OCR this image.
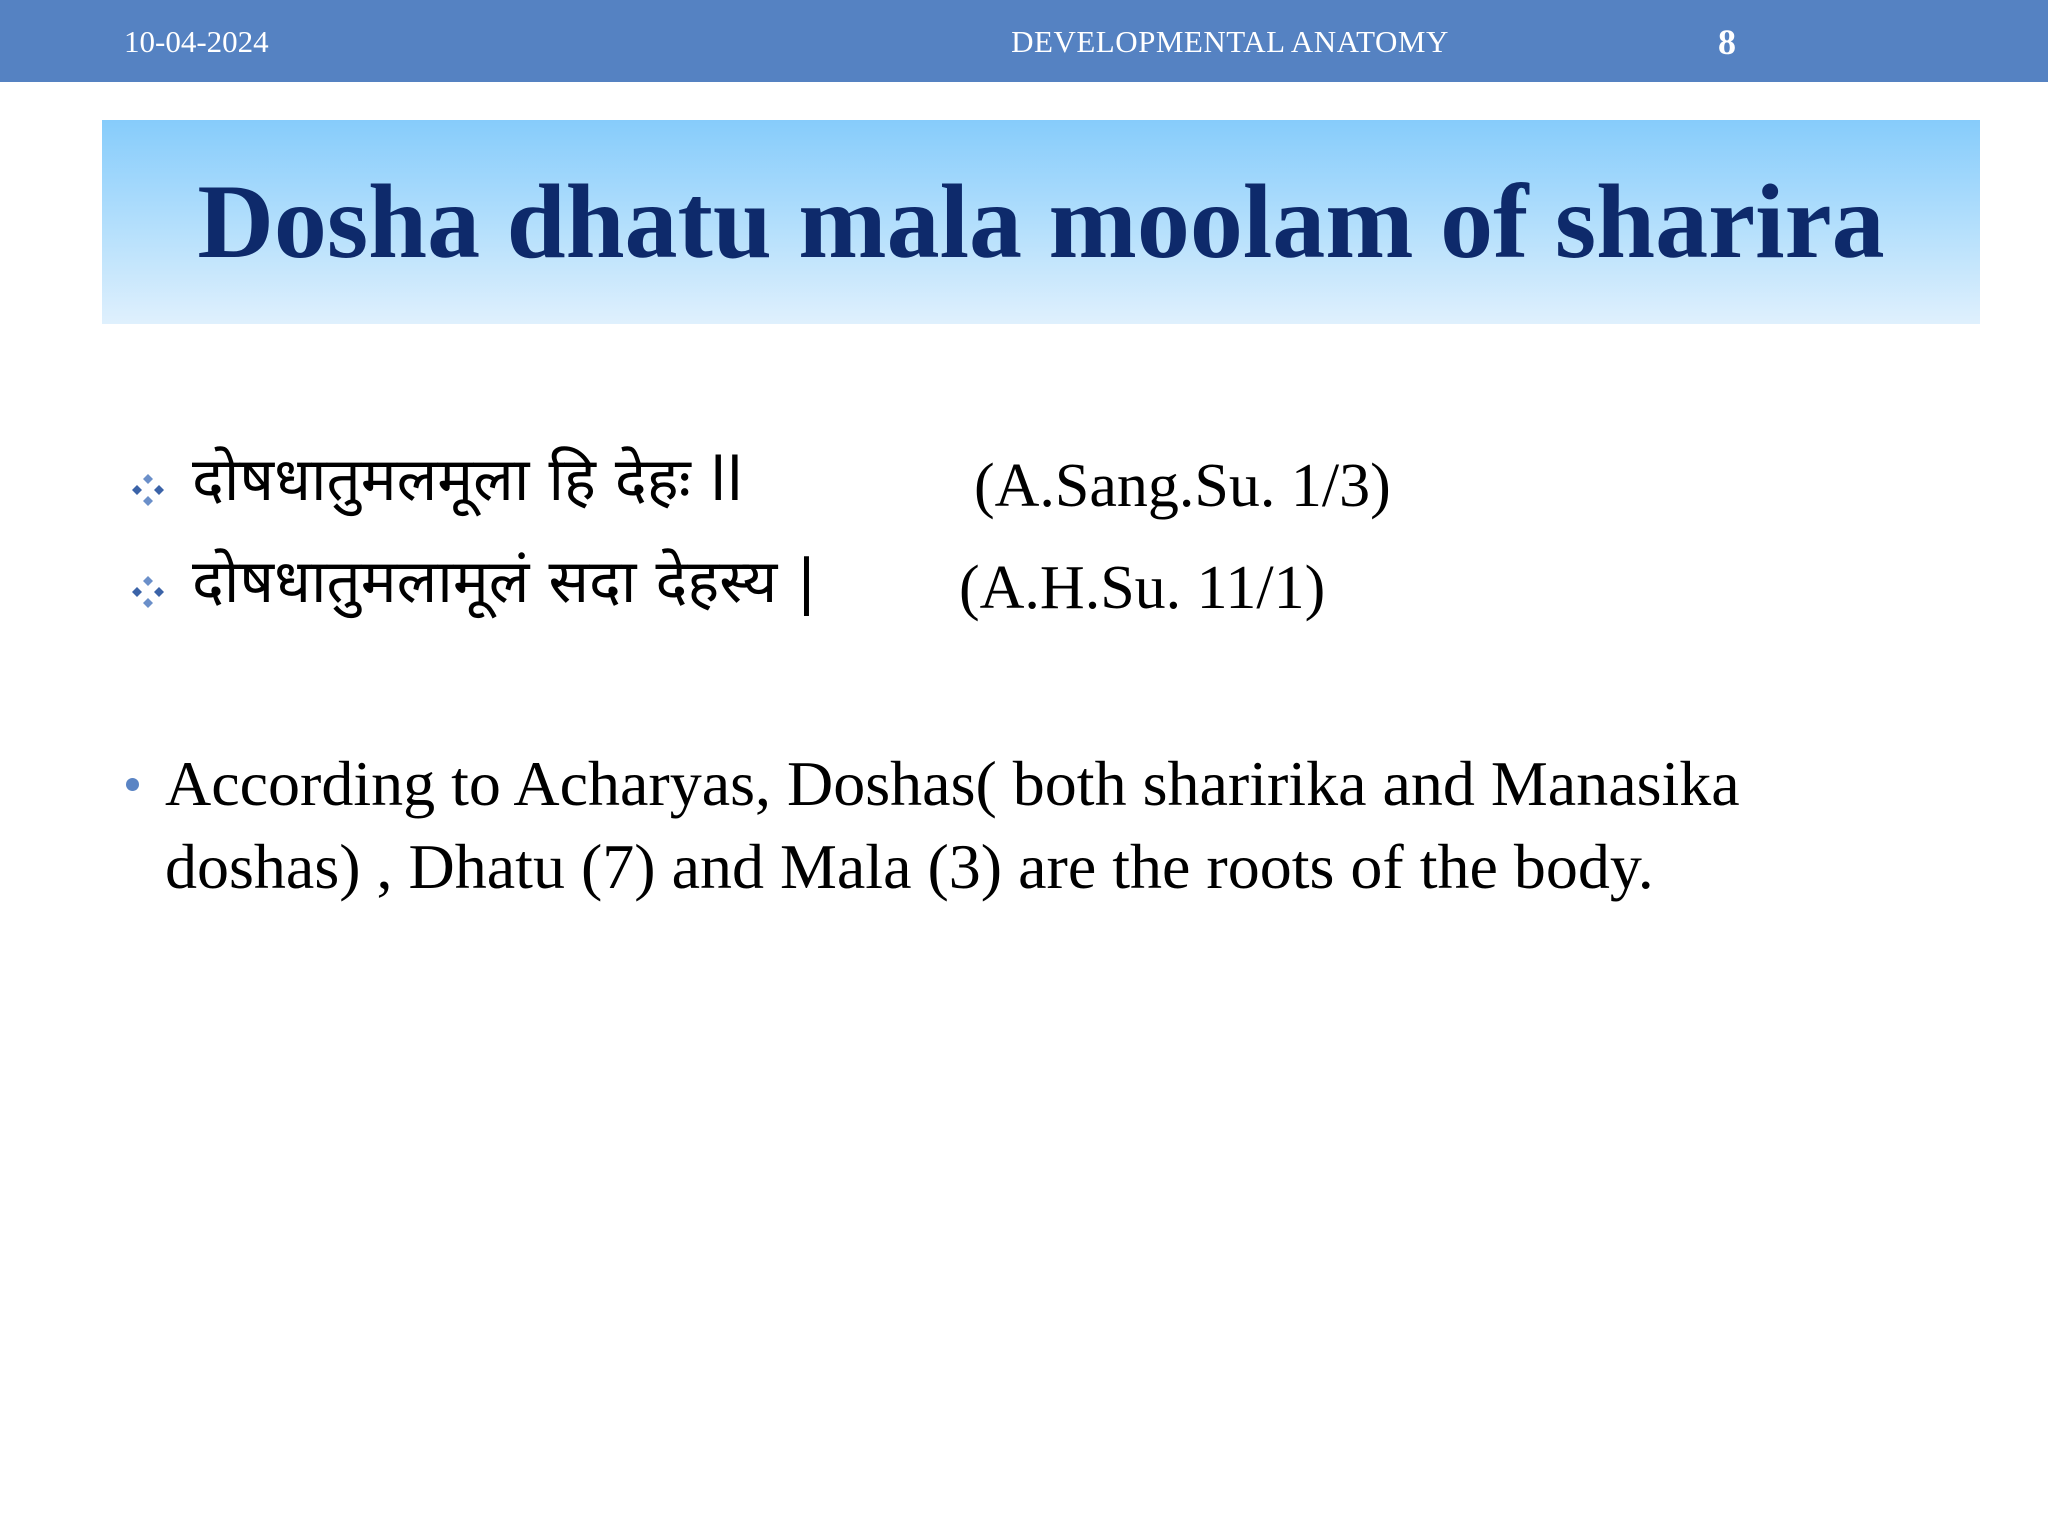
10-04-2024	DEVELOPMENTAL ANATOMY	8
Dosha dhatu mala moolam of sharira
दोषधातुमलमूला हि देहः ll	(A.Sang.Su. 1/3)
दोषधातुमलामूलं सदा देहस्य | (A.H.Su. 11/1)
According to Acharyas, Doshas( both sharirika and Manasika doshas) , Dhatu (7) and Mala (3) are the roots of the body.
